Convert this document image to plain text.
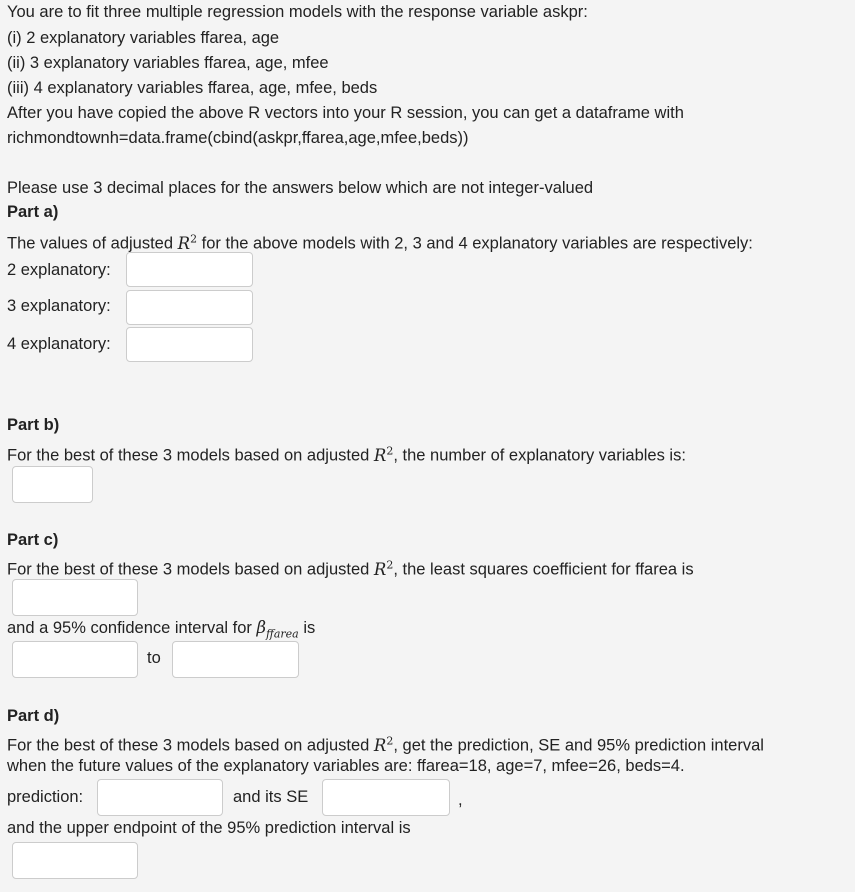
You are to fit three multiple regression models with the response variable askpr:
(i) 2 explanatory variables ffarea, age
(ii) 3 explanatory variables ffarea, age, mfee
(iii) 4 explanatory variables ffarea, age, mfee, beds
After you have copied the above R vectors into your R session, you can get a dataframe with
richmondtownh=data.frame(cbind(askpr,ffarea,age,mfee,beds))
Please use 3 decimal places for the answers below which are not integer-valued
Part a)
The values of adjusted $R^2$ for the above models with 2, 3 and 4 explanatory variables are respectively:
2 explanatory:
3 explanatory:
4 explanatory:
Part b)
For the best of these 3 models based on adjusted $R^2$, the number of explanatory variables is:
Part c)
For the best of these 3 models based on adjusted $R^2$, the least squares coefficient for ffarea is
and a 95% confidence interval for $\beta_{ffarea}$ is
to
Part d)
For the best of these 3 models based on adjusted $R^2$, get the prediction, SE and 95% prediction interval
when the future values of the explanatory variables are: ffarea=18, age=7, mfee=26, beds=4.
prediction:	and its SE	,
and the upper endpoint of the 95% prediction interval is
